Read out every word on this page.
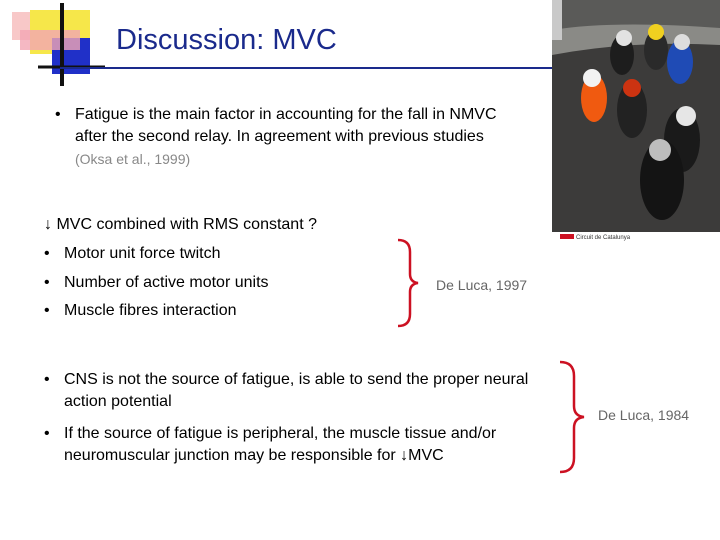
Discussion: MVC
Circuit de Catalunya
• Fatigue is the main factor in accounting for the fall in NMVC after the second relay. In agreement with previous studies (Oksa et al., 1999)
↓ MVC combined with RMS constant ?
• Motor unit force twitch
• Number of active motor units
• Muscle fibres interaction
De Luca, 1997
• CNS is not the source of fatigue, is able to send the proper neural action potential
• If the source of fatigue is peripheral, the muscle tissue and/or neuromuscular junction may be responsible for ↓MVC
De Luca, 1984
